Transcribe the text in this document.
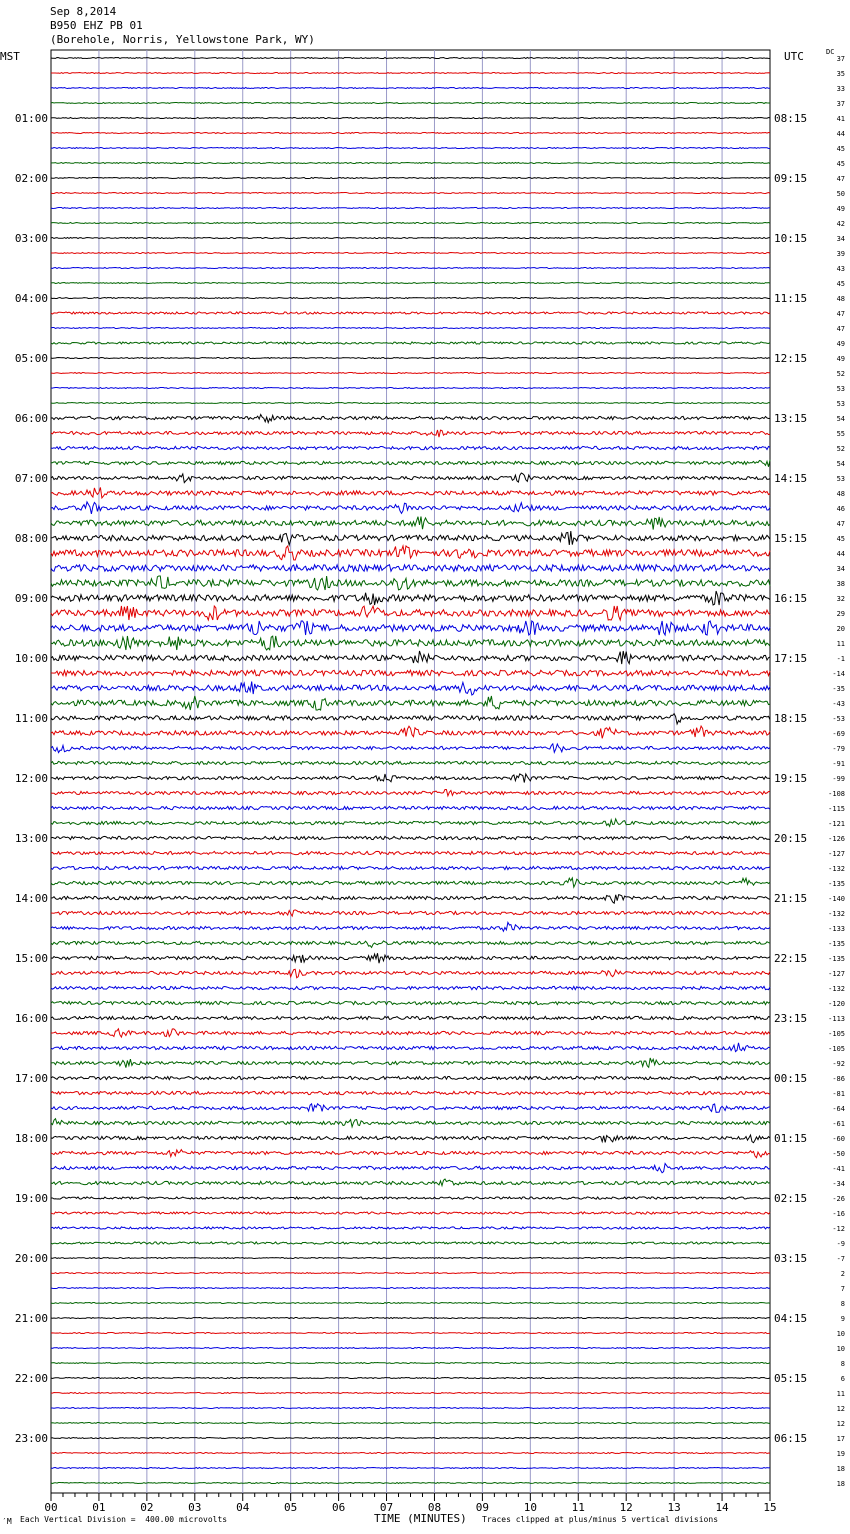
Sep 8,2014
B950 EHZ PB 01
(Borehole, Norris, Yellowstone Park, WY)
MST	UTC	DC
00	01	02	03	04	05	06	07	08	09	10	11	12	13	14	15
37
35
33
37
41
44
45
45
47
50
49
42
34
39
43
45
48
47
47
49
49
52
53
53
54
55
52
54
53
48
46
47
45
44
34
38
32
29
20
11
-1
-14
-35
-43
-53
-69
-79
-91
-99
-108
-115
-121
-126
-127
-132
-135
-140
-132
-133
-135
-135
-127
-132
-120
-113
-105
-105
-92
-86
-81
-64
-61
-60
-50
-41
-34
-26
-16
-12
-9
-7
2
7
8
9
10
10
8
6
11
12
12
17
19
18
18
01:00
02:00
03:00
04:00
05:00
06:00
07:00
08:00
09:00
10:00
11:00
12:00
13:00
14:00
15:00
16:00
17:00
18:00
19:00
20:00
21:00
22:00
23:00
08:15
09:15
10:15
11:15
12:15
13:15
14:15
15:15
16:15
17:15
18:15
19:15
20:15
21:15
22:15
23:15
00:15
01:15
02:15
03:15
04:15
05:15
06:15
′M Each Vertical Division =  400.00 microvolts	TIME (MINUTES) Traces clipped at plus/minus 5 vertical divisions
